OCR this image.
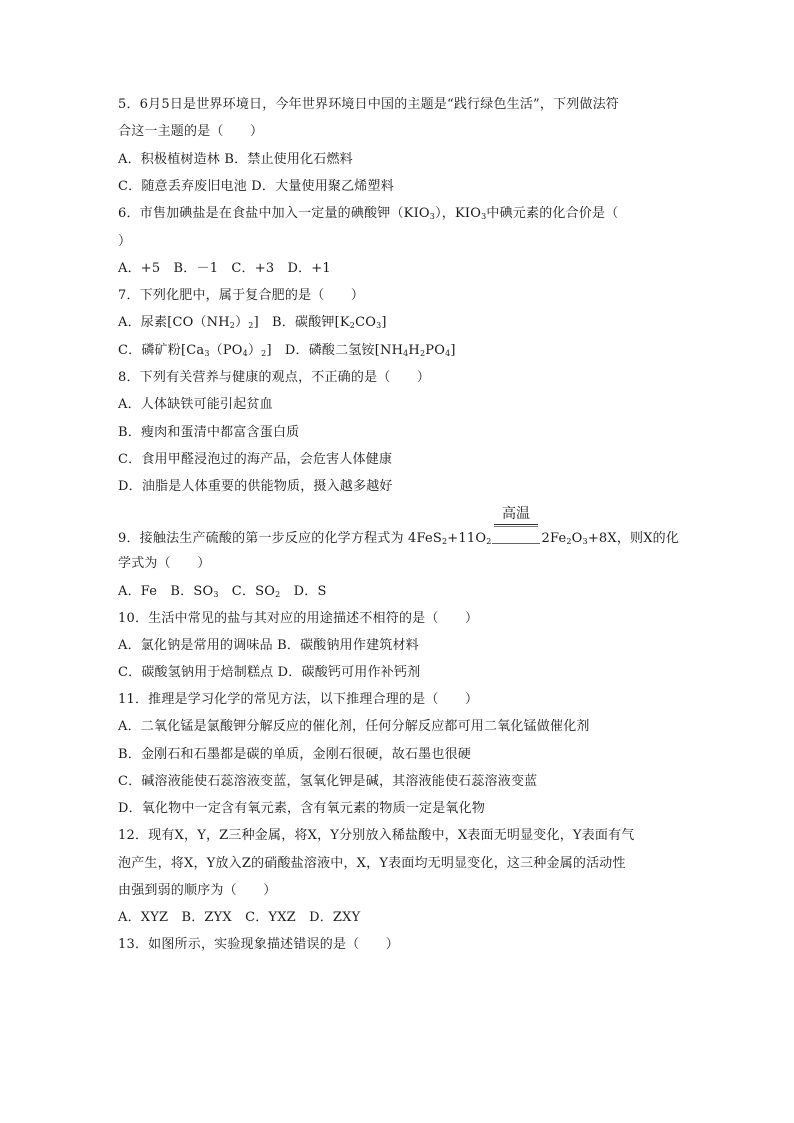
5．6月5日是世界环境日，今年世界环境日中国的主题是“践行绿色生活”，下列做法符
合这一主题的是（　　）
A．积极植树造林 B．禁止使用化石燃料
C．随意丢弃废旧电池 D．大量使用聚乙烯塑料
6．市售加碘盐是在食盐中加入一定量的碘酸钾$(KIO_3)$，$KIO_3$中碘元素的化合价是（
）
A．+5　B．－1　C．+3　D．+1
7．下列化肥中，属于复合肥的是（　　）
A．尿素$[CO(NH_2)_2]$　B．碳酸钾$[K_2CO_3]$
C．磷矿粉$[Ca_3(PO_4)_2]$　D．磷酸二氢铵$[NH_4H_2PO_4]$
8．下列有关营养与健康的观点，不正确的是（　　）
A．人体缺铁可能引起贫血
B．瘦肉和蛋清中都富含蛋白质
C．食用甲醛浸泡过的海产品，会危害人体健康
D．油脂是人体重要的供能物质，摄入越多越好
高温
9．接触法生产硫酸的第一步反应的化学方程式为 $4FeS_2+11O_2$	$2Fe_2O_3+8X$，则X的化
学式为（　　）
A．Fe　B．$SO_3$　C．$SO_2$　D．S
10．生活中常见的盐与其对应的用途描述不相符的是（　　）
A．氯化钠是常用的调味品 B．碳酸钠用作建筑材料
C．碳酸氢钠用于焙制糕点 D．碳酸钙可用作补钙剂
11．推理是学习化学的常见方法，以下推理合理的是（　　）
A．二氧化锰是氯酸钾分解反应的催化剂，任何分解反应都可用二氧化锰做催化剂
B．金刚石和石墨都是碳的单质，金刚石很硬，故石墨也很硬
C．碱溶液能使石蕊溶液变蓝，氢氧化钾是碱，其溶液能使石蕊溶液变蓝
D．氧化物中一定含有氧元素，含有氧元素的物质一定是氧化物
12．现有X，Y，Z三种金属，将X，Y分别放入稀盐酸中，X表面无明显变化，Y表面有气
泡产生，将X，Y放入Z的硝酸盐溶液中，X，Y表面均无明显变化，这三种金属的活动性
由强到弱的顺序为（　　）
A．XYZ　B．ZYX　C．YXZ　D．ZXY
13．如图所示，实验现象描述错误的是（　　）
